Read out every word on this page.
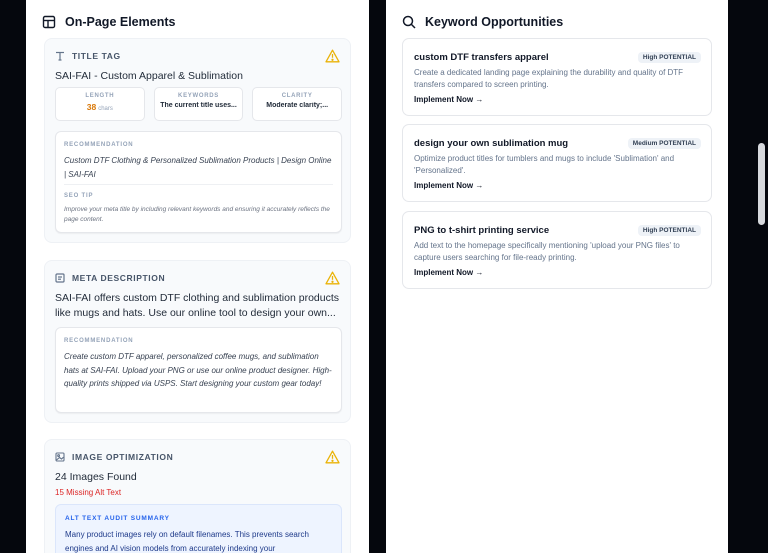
On-Page Elements
TITLE TAG
SAI-FAI - Custom Apparel & Sublimation
LENGTH
38 chars
KEYWORDS
The current title uses...
CLARITY
Moderate clarity;...
RECOMMENDATION
Custom DTF Clothing & Personalized Sublimation Products | Design Online | SAI-FAI
SEO TIP
Improve your meta title by including relevant keywords and ensuring it accurately reflects the page content.
META DESCRIPTION
SAI-FAI offers custom DTF clothing and sublimation products like mugs and hats. Use our online tool to design your own...
RECOMMENDATION
Create custom DTF apparel, personalized coffee mugs, and sublimation hats at SAI-FAI. Upload your PNG or use our online product designer. High-quality prints shipped via USPS. Start designing your custom gear today!
IMAGE OPTIMIZATION
24 Images Found
15 Missing Alt Text
ALT TEXT AUDIT SUMMARY
Many product images rely on default filenames. This prevents search engines and AI vision models from accurately indexing your
Keyword Opportunities
custom DTF transfers apparel	High POTENTIAL
Create a dedicated landing page explaining the durability and quality of DTF transfers compared to screen printing.
Implement Now →
design your own sublimation mug	Medium POTENTIAL
Optimize product titles for tumblers and mugs to include 'Sublimation' and 'Personalized'.
Implement Now →
PNG to t-shirt printing service	High POTENTIAL
Add text to the homepage specifically mentioning 'upload your PNG files' to capture users searching for file-ready printing.
Implement Now →
